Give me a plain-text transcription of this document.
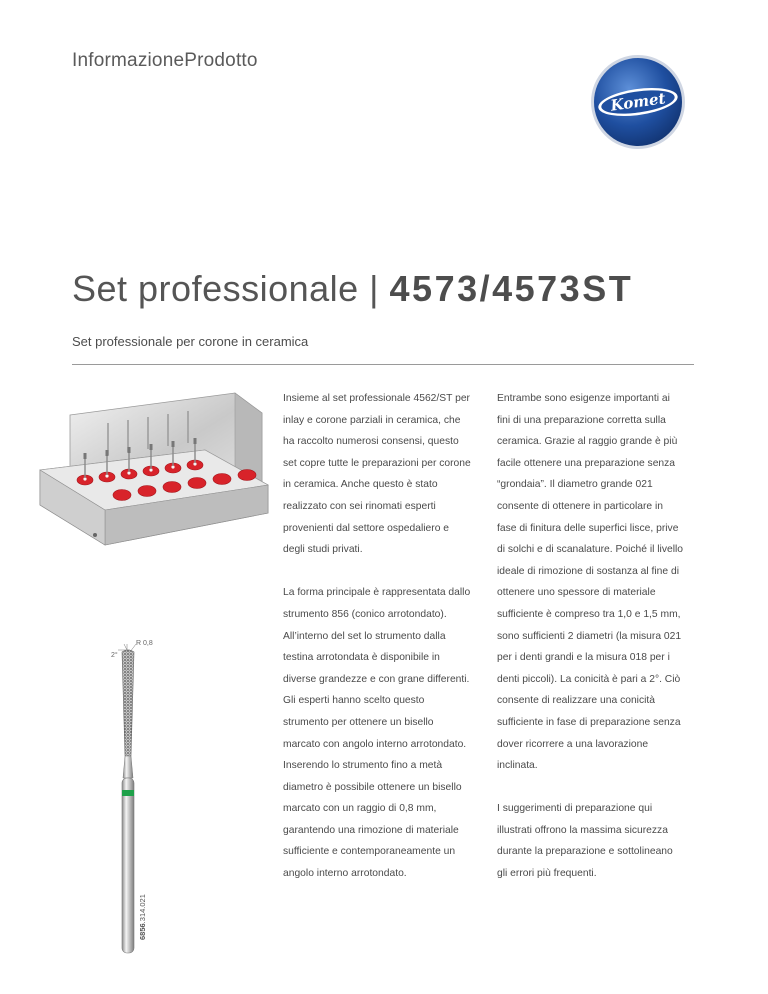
InformazioneProdotto
Komet
Set professionale | 4573/4573ST
Set professionale per corone in ceramica
R 0,8
2°
6856.314.021

Insieme al set professionale 4562/ST per inlay e corone parziali in ceramica, che ha raccolto numerosi consensi, questo set copre tutte le preparazioni per corone in ceramica. Anche questo è stato realizzato con sei rinomati esperti provenienti dal settore ospedaliero e degli studi privati.

La forma principale è rappresentata dallo strumento 856 (conico arrotondato). All’interno del set lo strumento dalla testina arrotondata è disponibile in diverse grandezze e con grane differenti. Gli esperti hanno scelto questo strumento per ottenere un bisello marcato con angolo interno arrotondato. Inserendo lo strumento fino a metà diametro è possibile ottenere un bisello marcato con un raggio di 0,8 mm, garantendo una rimozione di materiale sufficiente e contemporaneamente un angolo interno arrotondato.

Entrambe sono esigenze importanti ai fini di una preparazione corretta sulla ceramica. Grazie al raggio grande è più facile ottenere una preparazione senza “grondaia”. Il diametro grande 021 consente di ottenere in particolare in fase di finitura delle superfici lisce, prive di solchi e di scanalature. Poiché il livello ideale di rimozione di sostanza al fine di ottenere uno spessore di materiale sufficiente è compreso tra 1,0 e 1,5 mm, sono sufficienti 2 diametri (la misura 021 per i denti grandi e la misura 018 per i denti piccoli). La conicità è pari a 2°. Ciò consente di realizzare una conicità sufficiente in fase di preparazione senza dover ricorrere a una lavorazione inclinata.

I suggerimenti di preparazione qui illustrati offrono la massima sicurezza durante la preparazione e sottolineano gli errori più frequenti.
